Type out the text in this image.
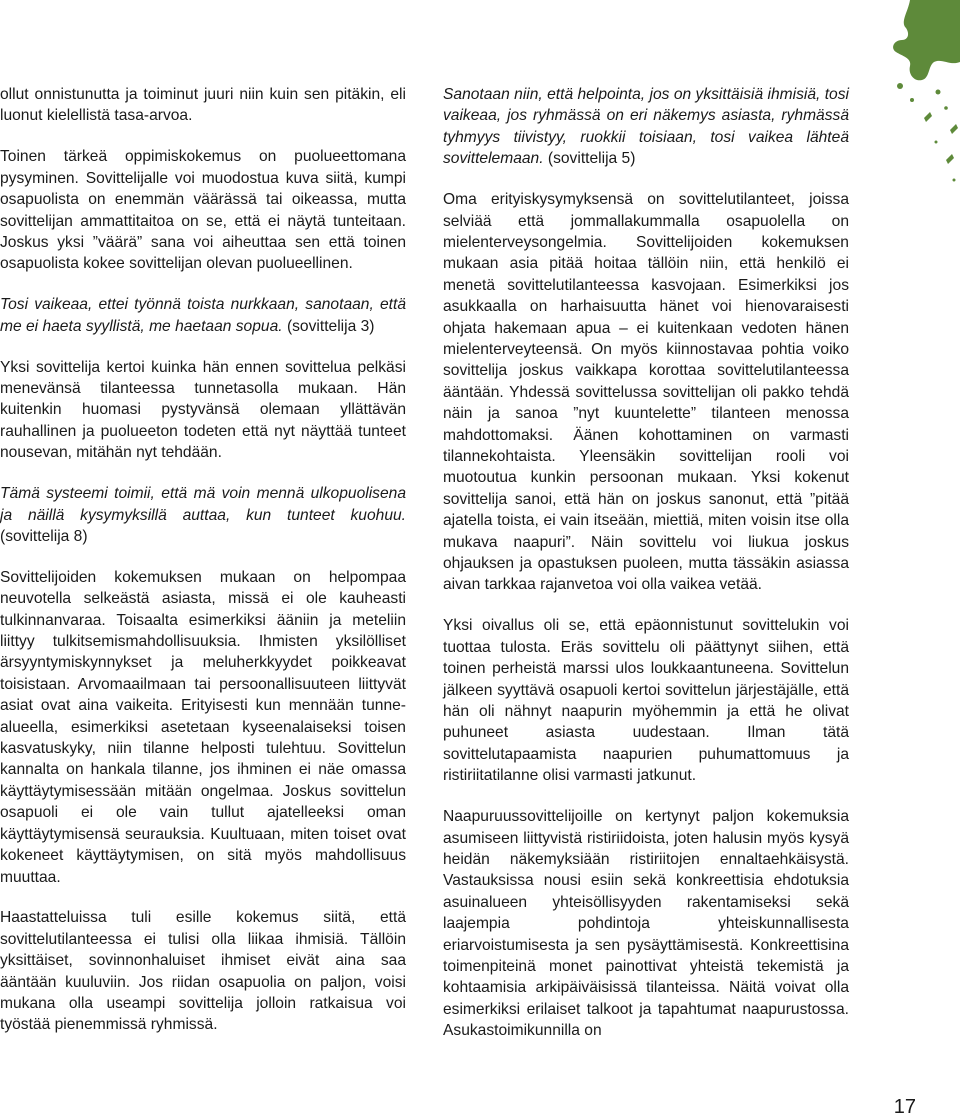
ollut onnistunutta ja toiminut juuri niin kuin sen pitäkin, eli luonut kielellistä tasa-arvoa.

Toinen tärkeä oppimiskokemus on puolueettomana pysyminen. Sovittelijalle voi muodostua kuva siitä, kumpi osapuolista on enemmän väärässä tai oikeassa, mutta sovittelijan ammattitaitoa on se, että ei näytä tunteitaan. Joskus yksi ”väärä” sana voi aiheuttaa sen että toinen osapuolista kokee sovittelijan olevan puolueellinen.

Tosi vaikeaa, ettei työnnä toista nurkkaan, sanotaan, että me ei haeta syyllistä, me haetaan sopua. (sovittelija 3)

Yksi sovittelija kertoi kuinka hän ennen sovittelua pelkäsi menevänsä tilanteessa tunnetasolla mukaan. Hän kuitenkin huomasi pystyvänsä olemaan yllättävän rauhallinen ja puolueeton todeten että nyt näyttää tunteet nousevan, mitähän nyt tehdään.

Tämä systeemi toimii, että mä voin mennä ulkopuolisena ja näillä kysymyksillä auttaa, kun tunteet kuohuu. (sovittelija 8)

Sovittelijoiden kokemuksen mukaan on helpompaa neuvotella selkeästä asiasta, missä ei ole kauheasti tulkinnanvaraa. Toisaalta esimerkiksi ääniin ja meteliin liittyy tulkitsemismahdollisuuksia. Ihmisten yksilölliset ärsyyntymiskynnykset ja meluherkkyydet poikkeavat toisistaan. Arvomaailmaan tai persoonallisuuteen liittyvät asiat ovat aina vaikeita. Erityisesti kun mennään tunne-alueella, esimerkiksi asetetaan kyseenalaiseksi toisen kasvatuskyky, niin tilanne helposti tulehtuu. Sovittelun kannalta on hankala tilanne, jos ihminen ei näe omassa käyttäytymisessään mitään ongelmaa. Joskus sovittelun osapuoli ei ole vain tullut ajatelleeksi oman käyttäytymisensä seurauksia. Kuultuaan, miten toiset ovat kokeneet käyttäytymisen, on sitä myös mahdollisuus muuttaa.

Haastatteluissa tuli esille kokemus siitä, että sovittelutilanteessa ei tulisi olla liikaa ihmisiä. Tällöin yksittäiset, sovinnonhaluiset ihmiset eivät aina saa ääntään kuuluviin. Jos riidan osapuolia on paljon, voisi mukana olla useampi sovittelija jolloin ratkaisua voi työstää pienemmissä ryhmissä.

Sanotaan niin, että helpointa, jos on yksittäisiä ihmisiä, tosi vaikeaa, jos ryhmässä on eri näkemys asiasta, ryhmässä tyhmyys tiivistyy, ruokkii toisiaan, tosi vaikea lähteä sovittelemaan. (sovittelija 5)

Oma erityiskysymyksensä on sovittelutilanteet, joissa selviää että jommallakummalla osapuolella on mielenterveysongelmia. Sovittelijoiden kokemuksen mukaan asia pitää hoitaa tällöin niin, että henkilö ei menetä sovittelutilanteessa kasvojaan. Esimerkiksi jos asukkaalla on harhaisuutta hänet voi hienovaraisesti ohjata hakemaan apua – ei kuitenkaan vedoten hänen mielenterveyteensä. On myös kiinnostavaa pohtia voiko sovittelija joskus vaikkapa korottaa sovittelutilanteessa ääntään. Yhdessä sovittelussa sovittelijan oli pakko tehdä näin ja sanoa ”nyt kuuntelette” tilanteen menossa mahdottomaksi. Äänen kohottaminen on varmasti tilannekohtaista. Yleensäkin sovittelijan rooli voi muotoutua kunkin persoonan mukaan. Yksi kokenut sovittelija sanoi, että hän on joskus sanonut, että ”pitää ajatella toista, ei vain itseään, miettiä, miten voisin itse olla mukava naapuri”. Näin sovittelu voi liukua joskus ohjauksen ja opastuksen puoleen, mutta tässäkin asiassa aivan tarkkaa rajanvetoa voi olla vaikea vetää.

Yksi oivallus oli se, että epäonnistunut sovittelukin voi tuottaa tulosta. Eräs sovittelu oli päättynyt siihen, että toinen perheistä marssi ulos loukkaantuneena. Sovittelun jälkeen syyttävä osapuoli kertoi sovittelun järjestäjälle, että hän oli nähnyt naapurin myöhemmin ja että he olivat puhuneet asiasta uudestaan. Ilman tätä sovittelutapaamista naapurien puhumattomuus ja ristiriitatilanne olisi varmasti jatkunut.

Naapuruussovittelijoille on kertynyt paljon kokemuksia asumiseen liittyvistä ristiriidoista, joten halusin myös kysyä heidän näkemyksiään ristiriitojen ennaltaehkäisystä. Vastauksissa nousi esiin sekä konkreettisia ehdotuksia asuinalueen yhteisöllisyyden rakentamiseksi sekä laajempia pohdintoja yhteiskunnallisesta eriarvoistumisesta ja sen pysäyttämisestä. Konkreettisina toimenpiteinä monet painottivat yhteistä tekemistä ja kohtaamisia arkipäiväisissä tilanteissa. Näitä voivat olla esimerkiksi erilaiset talkoot ja tapahtumat naapurustossa. Asukastoimikunnilla on

17
